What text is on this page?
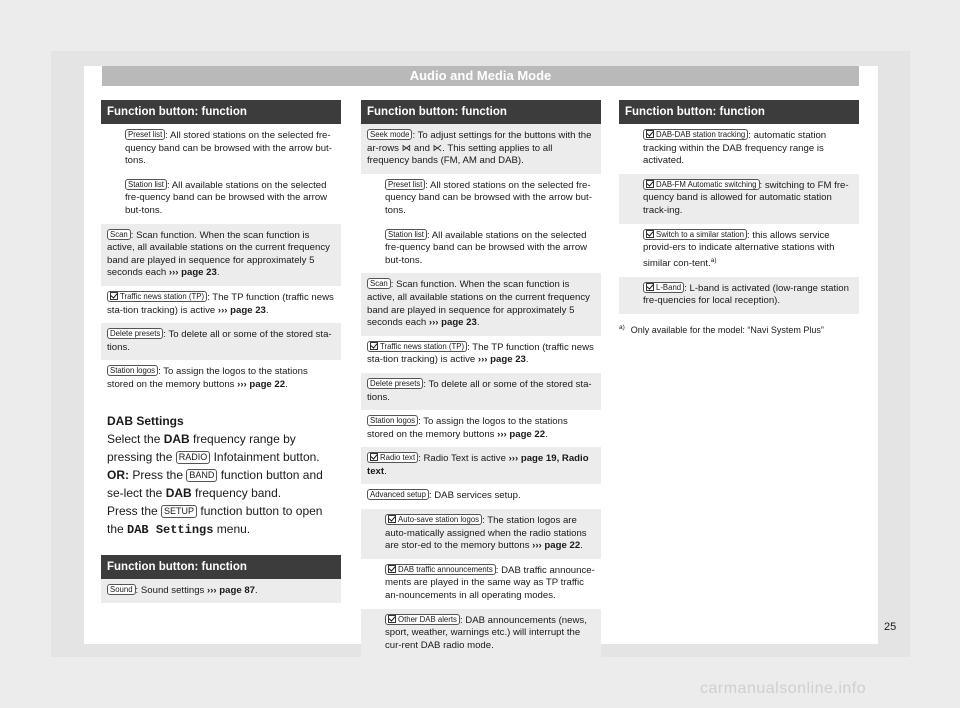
Audio and Media Mode
Function button: function
Preset list : All stored stations on the selected fre-quency band can be browsed with the arrow but-tons.
Station list : All available stations on the selected fre-quency band can be browsed with the arrow but-tons.
Scan : Scan function. When the scan function is active, all available stations on the current frequency band are played in sequence for approximately 5 seconds each ››› page 23.
Traffic news station (TP) : The TP function (traffic news sta-tion tracking) is active ››› page 23.
Delete presets : To delete all or some of the stored sta-tions.
Station logos : To assign the logos to the stations stored on the memory buttons ››› page 22.

DAB Settings
Select the DAB frequency range by pressing the RADIO Infotainment button.
OR: Press the BAND function button and se-lect the DAB frequency band.
Press the SETUP function button to open the DAB Settings menu.

Function button: function
Sound : Sound settings ››› page 87.
Function button: function
Seek mode : To adjust settings for the buttons with the ar-rows ⋈ and ⋉. This setting applies to all frequency bands (FM, AM and DAB).
Preset list : All stored stations on the selected fre-quency band can be browsed with the arrow but-tons.
Station list : All available stations on the selected fre-quency band can be browsed with the arrow but-tons.
Scan : Scan function. When the scan function is active, all available stations on the current frequency band are played in sequence for approximately 5 seconds each ››› page 23.
Traffic news station (TP) : The TP function (traffic news sta-tion tracking) is active ››› page 23.
Delete presets : To delete all or some of the stored sta-tions.
Station logos : To assign the logos to the stations stored on the memory buttons ››› page 22.
Radio text : Radio Text is active ››› page 19, Radio text.
Advanced setup : DAB services setup.
Auto-save station logos : The station logos are auto-matically assigned when the radio stations are stor-ed to the memory buttons ››› page 22.
DAB traffic announcements : DAB traffic announce-ments are played in the same way as TP traffic an-nouncements in all operating modes.
Other DAB alerts : DAB announcements (news, sport, weather, warnings etc.) will interrupt the cur-rent DAB radio mode.
Function button: function
DAB-DAB station tracking : automatic station tracking within the DAB frequency range is activated.
DAB-FM Automatic switching : switching to FM fre-quency band is allowed for automatic station track-ing.
Switch to a similar station : this allows service provid-ers to indicate alternative stations with similar con-tent.$^{a)}$
L-Band : L-band is activated (low-range station fre-quencies for local reception).
$^{a)}$ Only available for the model: “Navi System Plus”
25
carmanualsonline.info
